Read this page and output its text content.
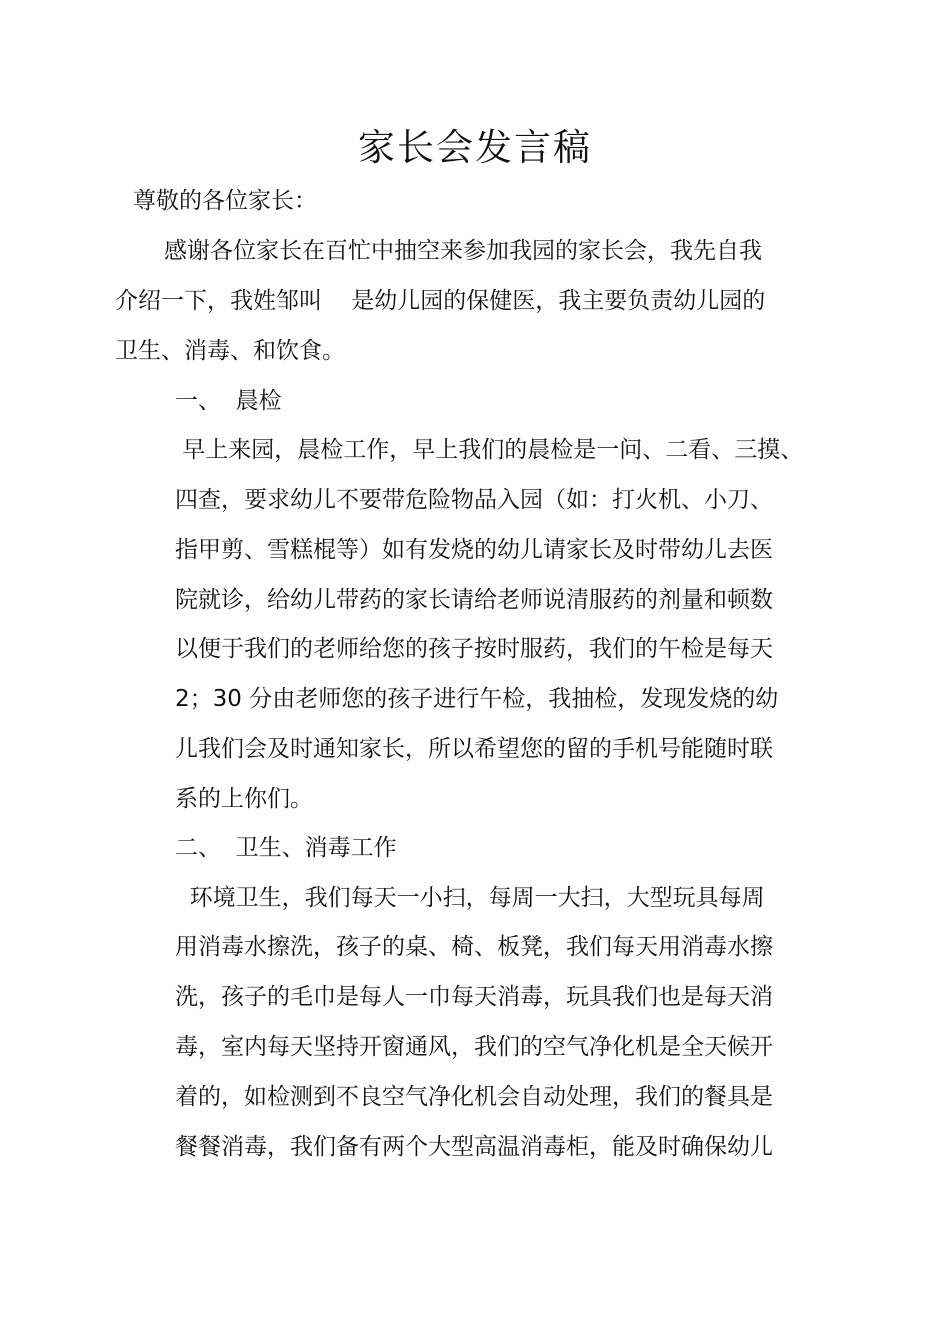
家长会发言稿

尊敬的各位家长：

感谢各位家长在百忙中抽空来参加我园的家长会，我先自我

介绍一下，我姓邹叫    是幼儿园的保健医，我主要负责幼儿园的

卫生、消毒、和饮食。

一、  晨检

早上来园，晨检工作，早上我们的晨检是一问、二看、三摸、

四查，要求幼儿不要带危险物品入园（如：打火机、小刀、

指甲剪、雪糕棍等）如有发烧的幼儿请家长及时带幼儿去医

院就诊，给幼儿带药的家长请给老师说清服药的剂量和顿数

以便于我们的老师给您的孩子按时服药，我们的午检是每天

2；30 分由老师您的孩子进行午检，我抽检，发现发烧的幼

儿我们会及时通知家长，所以希望您的留的手机号能随时联

系的上你们。

二、  卫生、消毒工作

环境卫生，我们每天一小扫，每周一大扫，大型玩具每周

用消毒水擦洗，孩子的桌、椅、板凳，我们每天用消毒水擦

洗，孩子的毛巾是每人一巾每天消毒，玩具我们也是每天消

毒，室内每天坚持开窗通风，我们的空气净化机是全天候开

着的，如检测到不良空气净化机会自动处理，我们的餐具是

餐餐消毒，我们备有两个大型高温消毒柜，能及时确保幼儿
